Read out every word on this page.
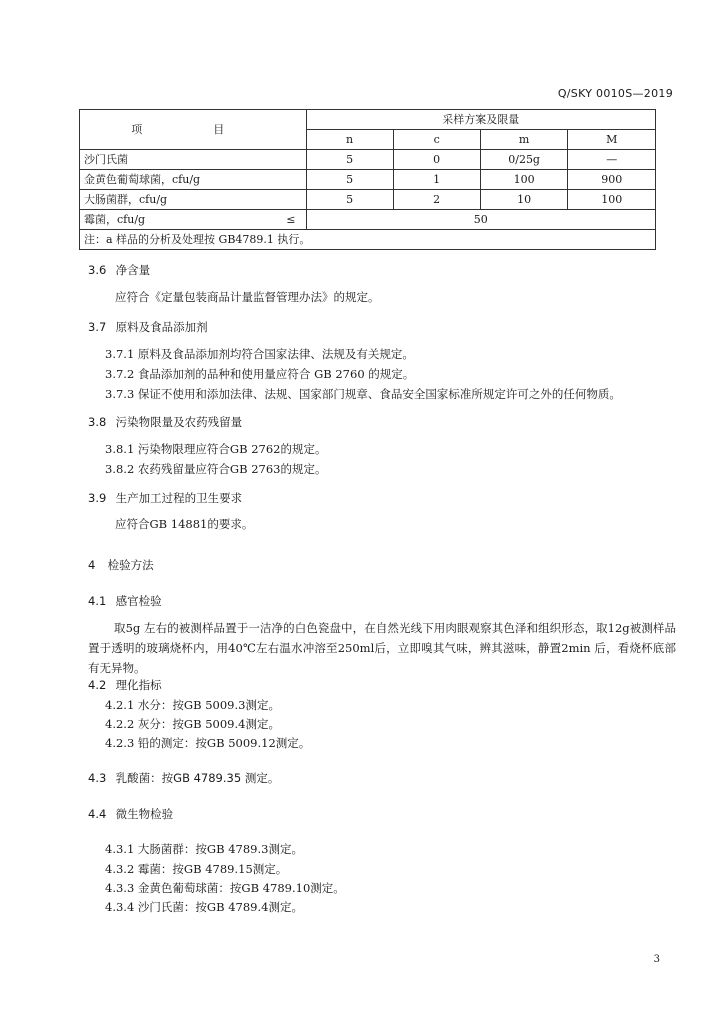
Q/SKY 0010S—2019
项　目	采样方案及限量			
	n	c	m	M
沙门氏菌	5	0	0/25g	—
金黄色葡萄球菌，cfu/g	5	1	100	900
大肠菌群，cfu/g	5	2	10	100
霉菌，cfu/g ≤	50			
注：a 样品的分析及处理按 GB4789.1 执行。				
3.6 净含量
应符合《定量包装商品计量监督管理办法》的规定。
3.7 原料及食品添加剂
3.7.1 原料及食品添加剂均符合国家法律、法规及有关规定。
3.7.2 食品添加剂的品种和使用量应符合 GB 2760 的规定。
3.7.3 保证不使用和添加法律、法规、国家部门规章、食品安全国家标准所规定许可之外的任何物质。
3.8 污染物限量及农药残留量
3.8.1 污染物限理应符合GB 2762的规定。
3.8.2 农药残留量应符合GB 2763的规定。
3.9 生产加工过程的卫生要求
应符合GB 14881的要求。
4 检验方法
4.1 感官检验

取5g 左右的被测样品置于一洁净的白色瓷盘中，在自然光线下用肉眼观察其色泽和组织形态，取12g被测样品置于透明的玻璃烧杯内，用40℃左右温水冲溶至250ml后，立即嗅其气味，辨其滋味，静置2min 后，看烧杯底部有无异物。

4.2 理化指标
4.2.1 水分：按GB 5009.3测定。
4.2.2 灰分：按GB 5009.4测定。
4.2.3 铅的测定：按GB 5009.12测定。
4.3 乳酸菌：按GB 4789.35 测定。
4.4 微生物检验
4.3.1 大肠菌群：按GB 4789.3测定。
4.3.2 霉菌：按GB 4789.15测定。
4.3.3 金黄色葡萄球菌：按GB 4789.10测定。
4.3.4 沙门氏菌：按GB 4789.4测定。
3
